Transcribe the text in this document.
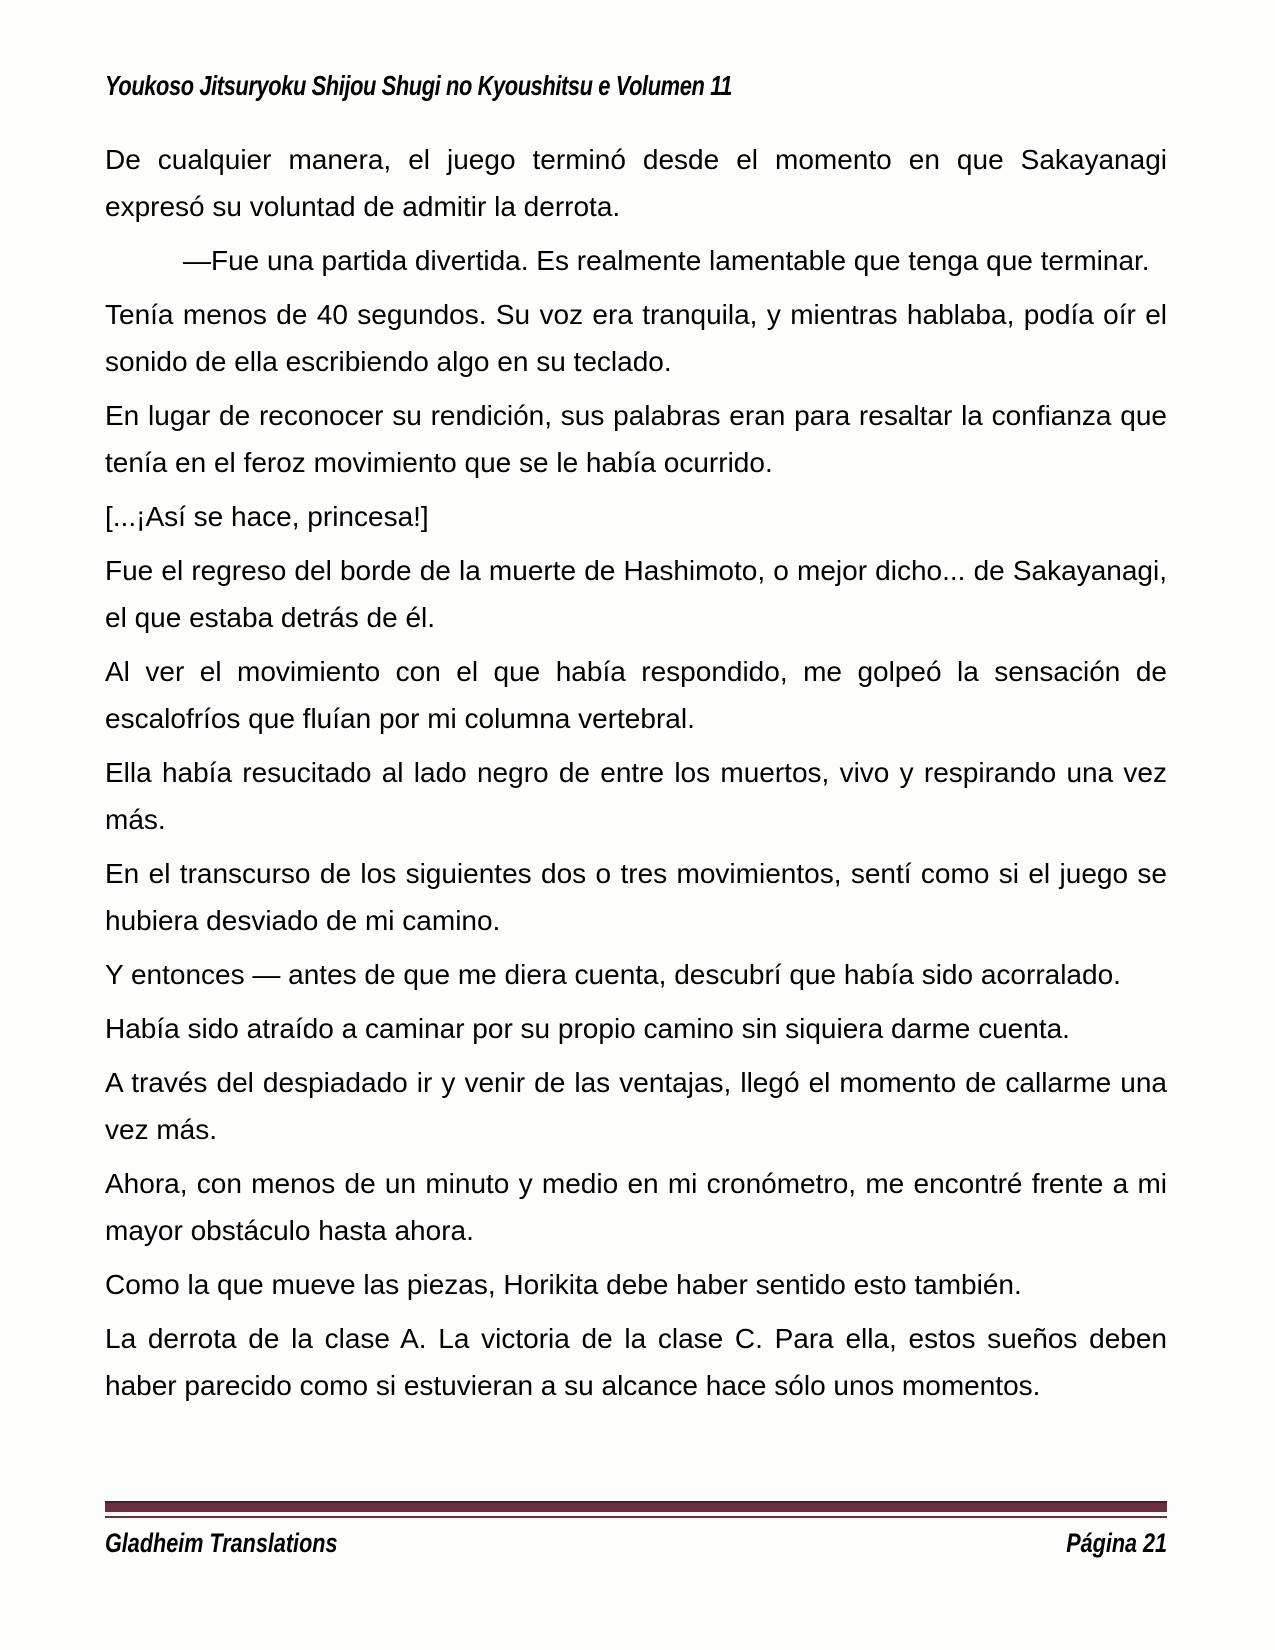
Youkoso Jitsuryoku Shijou Shugi no Kyoushitsu e Volumen 11

De cualquier manera, el juego terminó desde el momento en que Sakayanagi expresó su voluntad de admitir la derrota.

—Fue una partida divertida. Es realmente lamentable que tenga que terminar.

Tenía menos de 40 segundos. Su voz era tranquila, y mientras hablaba, podía oír el sonido de ella escribiendo algo en su teclado.

En lugar de reconocer su rendición, sus palabras eran para resaltar la confianza que tenía en el feroz movimiento que se le había ocurrido.

[...¡Así se hace, princesa!]

Fue el regreso del borde de la muerte de Hashimoto, o mejor dicho... de Sakayanagi, el que estaba detrás de él.

Al ver el movimiento con el que había respondido, me golpeó la sensación de escalofríos que fluían por mi columna vertebral.

Ella había resucitado al lado negro de entre los muertos, vivo y respirando una vez más.

En el transcurso de los siguientes dos o tres movimientos, sentí como si el juego se hubiera desviado de mi camino.

Y entonces — antes de que me diera cuenta, descubrí que había sido acorralado.

Había sido atraído a caminar por su propio camino sin siquiera darme cuenta.

A través del despiadado ir y venir de las ventajas, llegó el momento de callarme una vez más.

Ahora, con menos de un minuto y medio en mi cronómetro, me encontré frente a mi mayor obstáculo hasta ahora.

Como la que mueve las piezas, Horikita debe haber sentido esto también.

La derrota de la clase A. La victoria de la clase C. Para ella, estos sueños deben haber parecido como si estuvieran a su alcance hace sólo unos momentos.

Gladheim Translations	Página 21
